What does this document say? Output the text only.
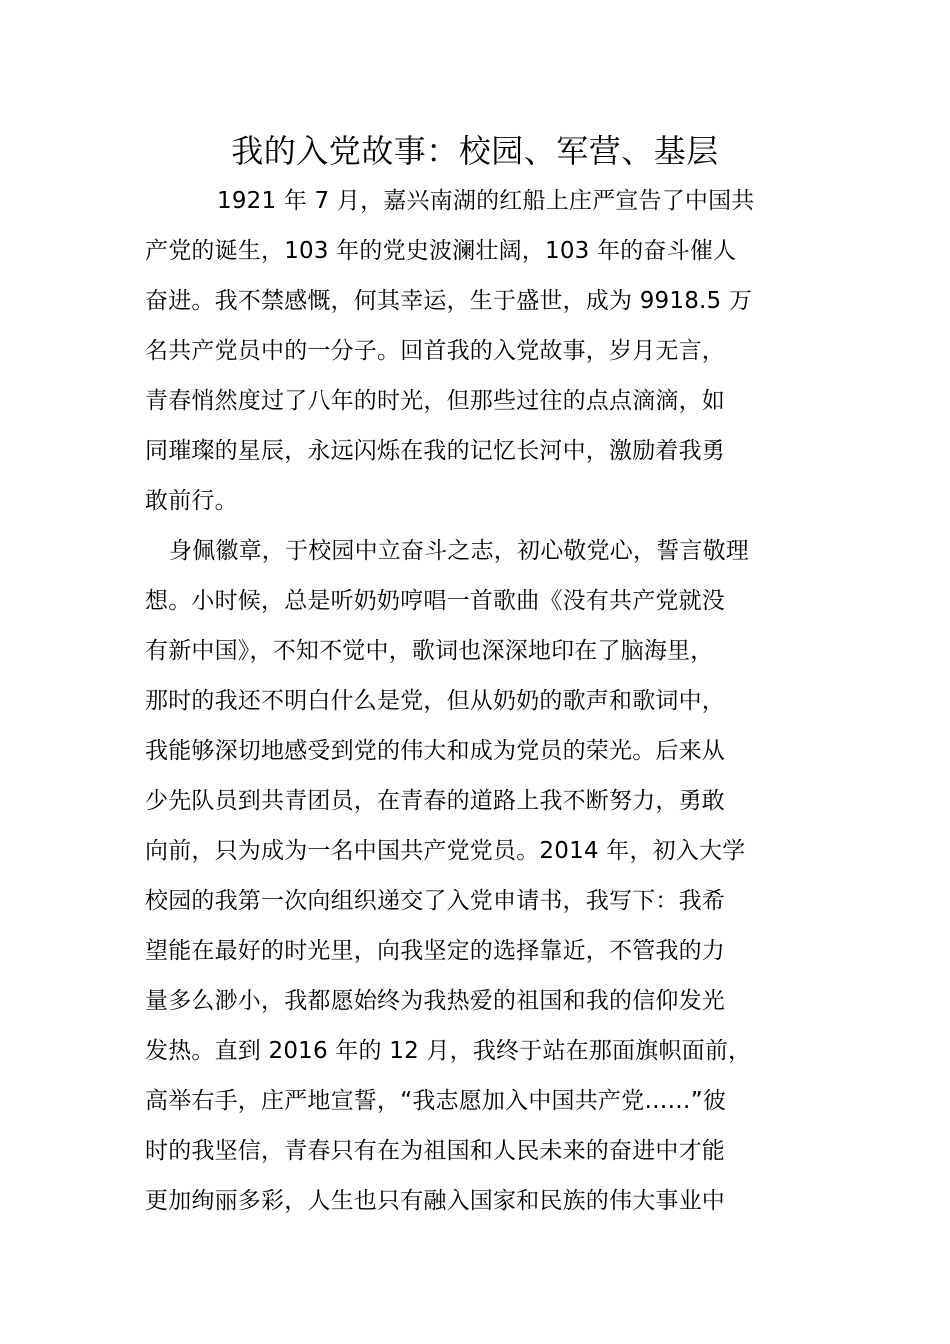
我的入党故事：校园、军营、基层

1921 年 7 月，嘉兴南湖的红船上庄严宣告了中国共
产党的诞生，103 年的党史波澜壮阔，103 年的奋斗催人
奋进。我不禁感慨，何其幸运，生于盛世，成为 9918.5 万
名共产党员中的一分子。回首我的入党故事，岁月无言，
青春悄然度过了八年的时光，但那些过往的点点滴滴，如
同璀璨的星辰，永远闪烁在我的记忆长河中，激励着我勇
敢前行。

身佩徽章，于校园中立奋斗之志，初心敬党心，誓言敬理
想。小时候，总是听奶奶哼唱一首歌曲《没有共产党就没
有新中国》，不知不觉中，歌词也深深地印在了脑海里，
那时的我还不明白什么是党，但从奶奶的歌声和歌词中，
我能够深切地感受到党的伟大和成为党员的荣光。后来从
少先队员到共青团员，在青春的道路上我不断努力，勇敢
向前，只为成为一名中国共产党党员。2014 年，初入大学
校园的我第一次向组织递交了入党申请书，我写下：我希
望能在最好的时光里，向我坚定的选择靠近，不管我的力
量多么渺小，我都愿始终为我热爱的祖国和我的信仰发光
发热。直到 2016 年的 12 月，我终于站在那面旗帜面前，
高举右手，庄严地宣誓，“我志愿加入中国共产党……”彼
时的我坚信，青春只有在为祖国和人民未来的奋进中才能
更加绚丽多彩，人生也只有融入国家和民族的伟大事业中
